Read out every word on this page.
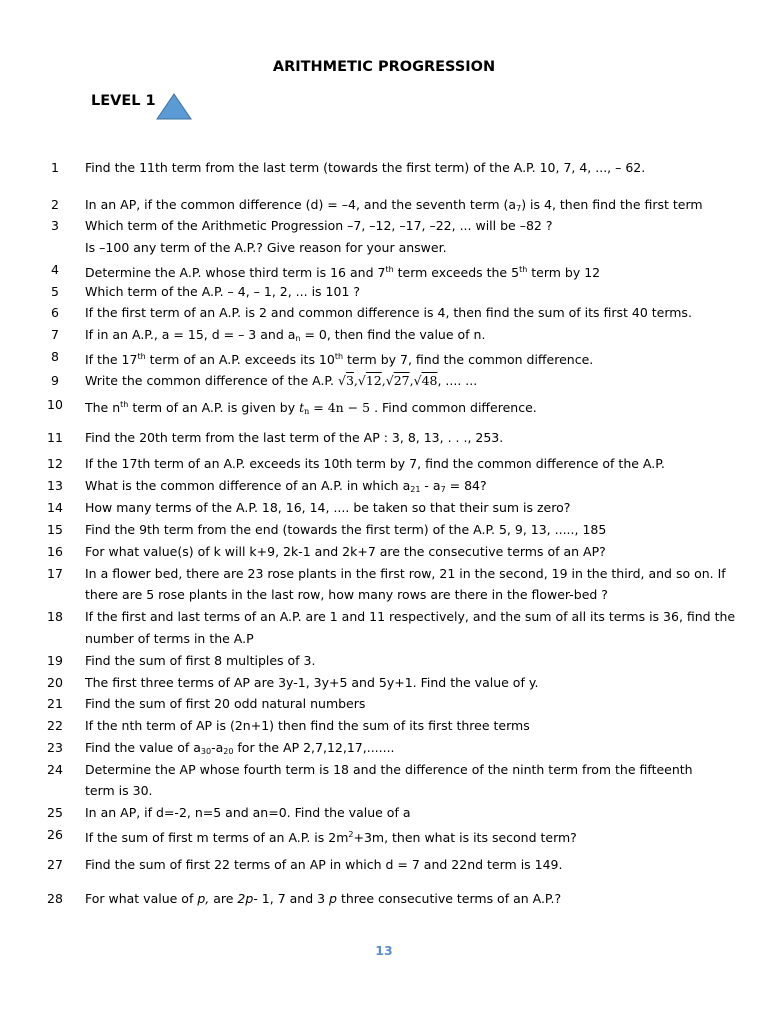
ARITHMETIC PROGRESSION
LEVEL 1
1	Find the 11th term from the last term (towards the first term) of the A.P. 10, 7, 4, ..., – 62.
2	In an AP, if the common difference (d) = –4, and the seventh term $(a_7)$ is 4, then find the first term
3	Which term of the Arithmetic Progression –7, –12, –17, –22, ... will be –82 ?
Is –100 any term of the A.P.? Give reason for your answer.
4	Determine the A.P. whose third term is 16 and 7th term exceeds the 5th term by 12
5	Which term of the A.P. – 4, – 1, 2, ... is 101 ?
6	If the first term of an A.P. is 2 and common difference is 4, then find the sum of its first 40 terms.
7	If in an A.P., a = 15, d = – 3 and $a_n = 0$, then find the value of n.
8	If the 17th term of an A.P. exceeds its 10th term by 7, find the common difference.
9	Write the common difference of the A.P. √3,√12,√27,√48, .... ...
10	The $n^{th}$ term of an A.P. is given by $t_n = 4n - 5$ . Find common difference.
11	Find the 20th term from the last term of the AP : 3, 8, 13, . . ., 253.
12	If the 17th term of an A.P. exceeds its 10th term by 7, find the common difference of the A.P.
13	What is the common difference of an A.P. in which $a_{21} - a_7 = 84$?
14	How many terms of the A.P. 18, 16, 14, .... be taken so that their sum is zero?
15	Find the 9th term from the end (towards the first term) of the A.P. 5, 9, 13, ....., 185
16	For what value(s) of k will k+9, 2k-1 and 2k+7 are the consecutive terms of an AP?
17	In a flower bed, there are 23 rose plants in the first row, 21 in the second, 19 in the third, and so on. If
there are 5 rose plants in the last row, how many rows are there in the flower-bed ?
18	If the first and last terms of an A.P. are 1 and 11 respectively, and the sum of all its terms is 36, find the
number of terms in the A.P
19	Find the sum of first 8 multiples of 3.
20	The first three terms of AP are 3y-1, 3y+5 and 5y+1. Find the value of y.
21	Find the sum of first 20 odd natural numbers
22	If the nth term of AP is (2n+1) then find the sum of its first three terms
23	Find the value of $a_{30}-a_{20}$ for the AP 2,7,12,17,.......
24	Determine the AP whose fourth term is 18 and the difference of the ninth term from the fifteenth
term is 30.
25	In an AP, if d=-2, n=5 and an=0. Find the value of a
26	If the sum of first m terms of an A.P. is $2m^2+3m$, then what is its second term?
27	Find the sum of first 22 terms of an AP in which d = 7 and 22nd term is 149.
28	For what value of p, are 2p- 1, 7 and 3 p three consecutive terms of an A.P.?
13
